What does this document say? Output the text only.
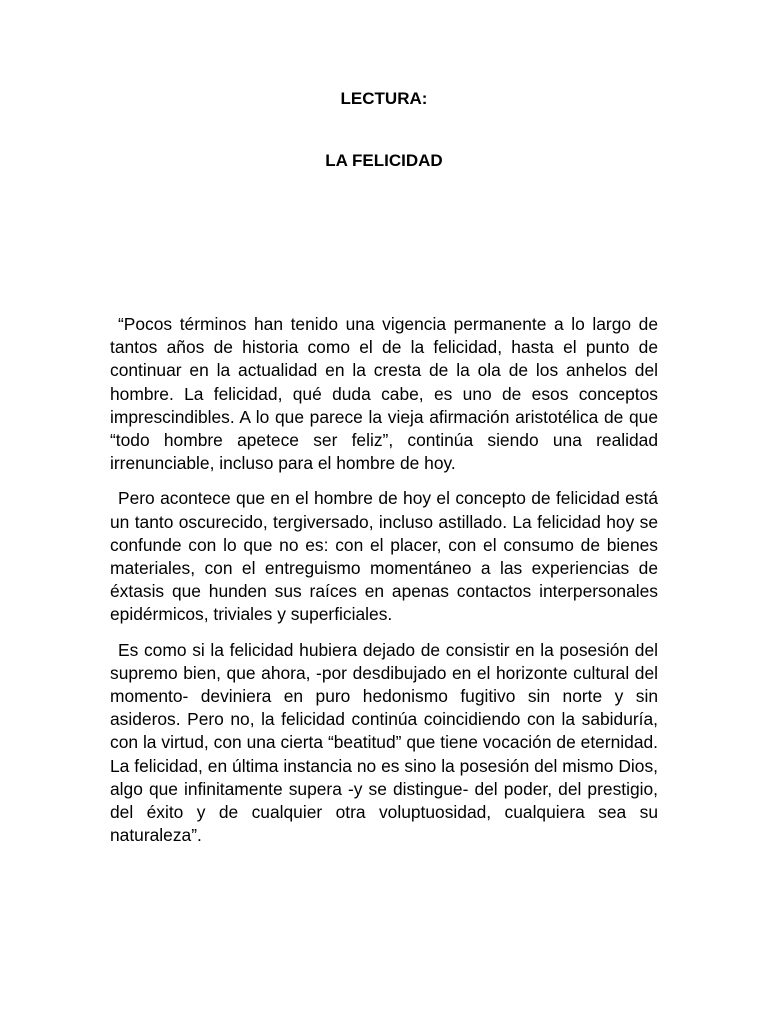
LECTURA:
LA FELICIDAD

“Pocos términos han tenido una vigencia permanente a lo largo de tantos años de historia como el de la felicidad, hasta el punto de continuar en la actualidad en la cresta de la ola de los anhelos del hombre. La felicidad, qué duda cabe, es uno de esos conceptos imprescindibles. A lo que parece la vieja afirmación aristotélica de que “todo hombre apetece ser feliz”, continúa siendo una realidad irrenunciable, incluso para el hombre de hoy.

Pero acontece que en el hombre de hoy el concepto de felicidad está un tanto oscurecido, tergiversado, incluso astillado. La felicidad hoy se confunde con lo que no es: con el placer, con el consumo de bienes materiales, con el entreguismo momentáneo a las experiencias de éxtasis que hunden sus raíces en apenas contactos interpersonales epidérmicos, triviales y superficiales.

Es como si la felicidad hubiera dejado de consistir en la posesión del supremo bien, que ahora, -por desdibujado en el horizonte cultural del momento- deviniera en puro hedonismo fugitivo sin norte y sin asideros. Pero no, la felicidad continúa coincidiendo con la sabiduría, con la virtud, con una cierta “beatitud” que tiene vocación de eternidad. La felicidad, en última instancia no es sino la posesión del mismo Dios, algo que infinitamente supera -y se distingue- del poder, del prestigio, del éxito y de cualquier otra voluptuosidad, cualquiera sea su naturaleza”.
